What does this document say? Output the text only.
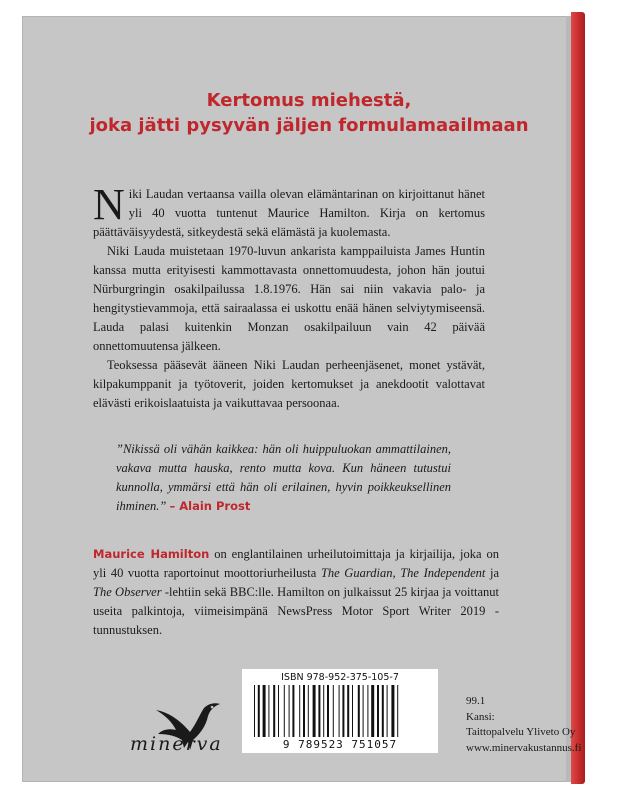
Kertomus miehestä,
joka jätti pysyvän jäljen formulamaailmaan

Niki Laudan vertaansa vailla olevan elämäntarinan on kirjoittanut hänet yli 40 vuotta tuntenut Maurice Hamilton. Kirja on kertomus päättäväisyydestä, sitkeydestä sekä elämästä ja kuolemasta.

Niki Lauda muistetaan 1970-luvun ankarista kamppailuista James Huntin kanssa mutta erityisesti kammottavasta onnettomuudesta, johon hän joutui Nürburgringin osakilpailussa 1.8.1976. Hän sai niin vakavia palo- ja hengitystievammoja, että sairaalassa ei uskottu enää hänen selviytymiseensä. Lauda palasi kuitenkin Monzan osakilpailuun vain 42 päivää onnettomuutensa jälkeen.

Teoksessa pääsevät ääneen Niki Laudan perheenjäsenet, monet ystävät, kilpakumppanit ja työtoverit, joiden kertomukset ja anekdootit valottavat elävästi erikoislaatuista ja vaikuttavaa persoonaa.

”Nikissä oli vähän kaikkea: hän oli huippuluokan ammattilainen, vakava mutta hauska, rento mutta kova. Kun häneen tutustui kunnolla, ymmärsi että hän oli erilainen, hyvin poikkeuksellinen ihminen.” – Alain Prost
Maurice Hamilton on englantilainen urheilutoimittaja ja kirjailija, joka on yli 40 vuotta raportoinut moottoriurheilusta The Guardian, The Independent ja The Observer -lehtiin sekä BBC:lle. Hamilton on julkaissut 25 kirjaa ja voittanut useita palkintoja, viimeisimpänä NewsPress Motor Sport Writer 2019 -tunnustuksen.
ISBN 978-952-375-105-7
9 789523 751057
minerva
99.1
Kansi:
Taittopalvelu Yliveto Oy
www.minervakustannus.fi
